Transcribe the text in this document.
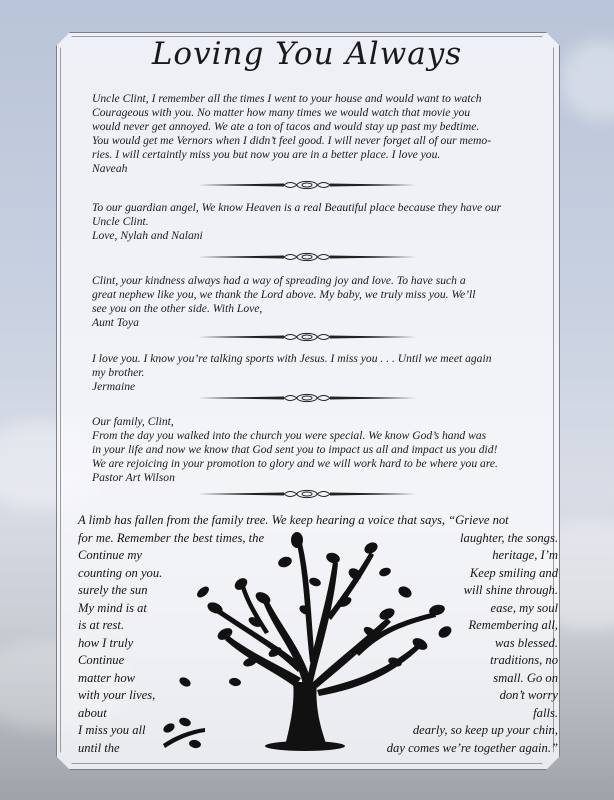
Loving You Always

Uncle Clint, I remember all the times I went to your house and would want to watch

Courageous with you. No matter how many times we would watch that movie you

would never get annoyed. We ate a ton of tacos and would stay up past my bedtime.

You would get me Vernors when I didn’t feel good. I will never forget all of our memo-

ries. I will certaintly miss you but now you are in a better place. I love you.

Naveah

To our guardian angel, We know Heaven is a real Beautiful place because they have our

Uncle Clint.

Love, Nylah and Nalani

Clint, your kindness always had a way of spreading joy and love. To have such a

great nephew like you, we thank the Lord above. My baby, we truly miss you. We’ll

see you on the other side. With Love,

Aunt Toya

I love you. I know you’re talking sports with Jesus. I miss you . . . Until we meet again

my brother.

Jermaine

Our family, Clint,

From the day you walked into the church you were special. We know God’s hand was

in your life and now we know that God sent you to impact us all and impact us you did!

We are rejoicing in your promotion to glory and we will work hard to be where you are.

Pastor Art Wilson

A limb has fallen from the family tree. We keep hearing a voice that says, “Grieve not
for me. Remember the best times, the	laughter, the songs.
Continue my	heritage, I’m
counting on you.	Keep smiling and
surely the sun	will shine through.
My mind is at	ease, my soul
is at rest.	Remembering all,
how I truly	was blessed.
Continue	traditions, no
matter how	small. Go on
with your lives,	don’t worry
about	falls.
I miss you all	dearly, so keep up your chin,
until the	day comes we’re together again.”
